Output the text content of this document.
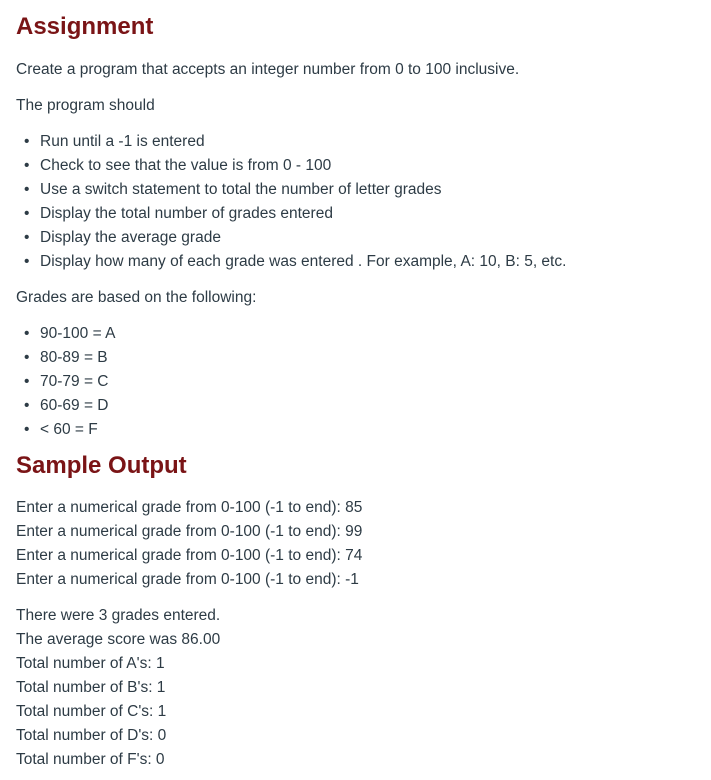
Assignment

Create a program that accepts an integer number from 0 to 100 inclusive.

The program should

• Run until a -1 is entered
• Check to see that the value is from 0 - 100
• Use a switch statement to total the number of letter grades
• Display the total number of grades entered
• Display the average grade
• Display how many of each grade was entered . For example, A: 10, B: 5, etc.

Grades are based on the following:

• 90-100 = A
• 80-89 = B
• 70-79 = C
• 60-69 = D
• < 60 = F
Sample Output
Enter a numerical grade from 0-100 (-1 to end): 85
Enter a numerical grade from 0-100 (-1 to end): 99
Enter a numerical grade from 0-100 (-1 to end): 74
Enter a numerical grade from 0-100 (-1 to end): -1
There were 3 grades entered.
The average score was 86.00
Total number of A's: 1
Total number of B's: 1
Total number of C's: 1
Total number of D's: 0
Total number of F's: 0
